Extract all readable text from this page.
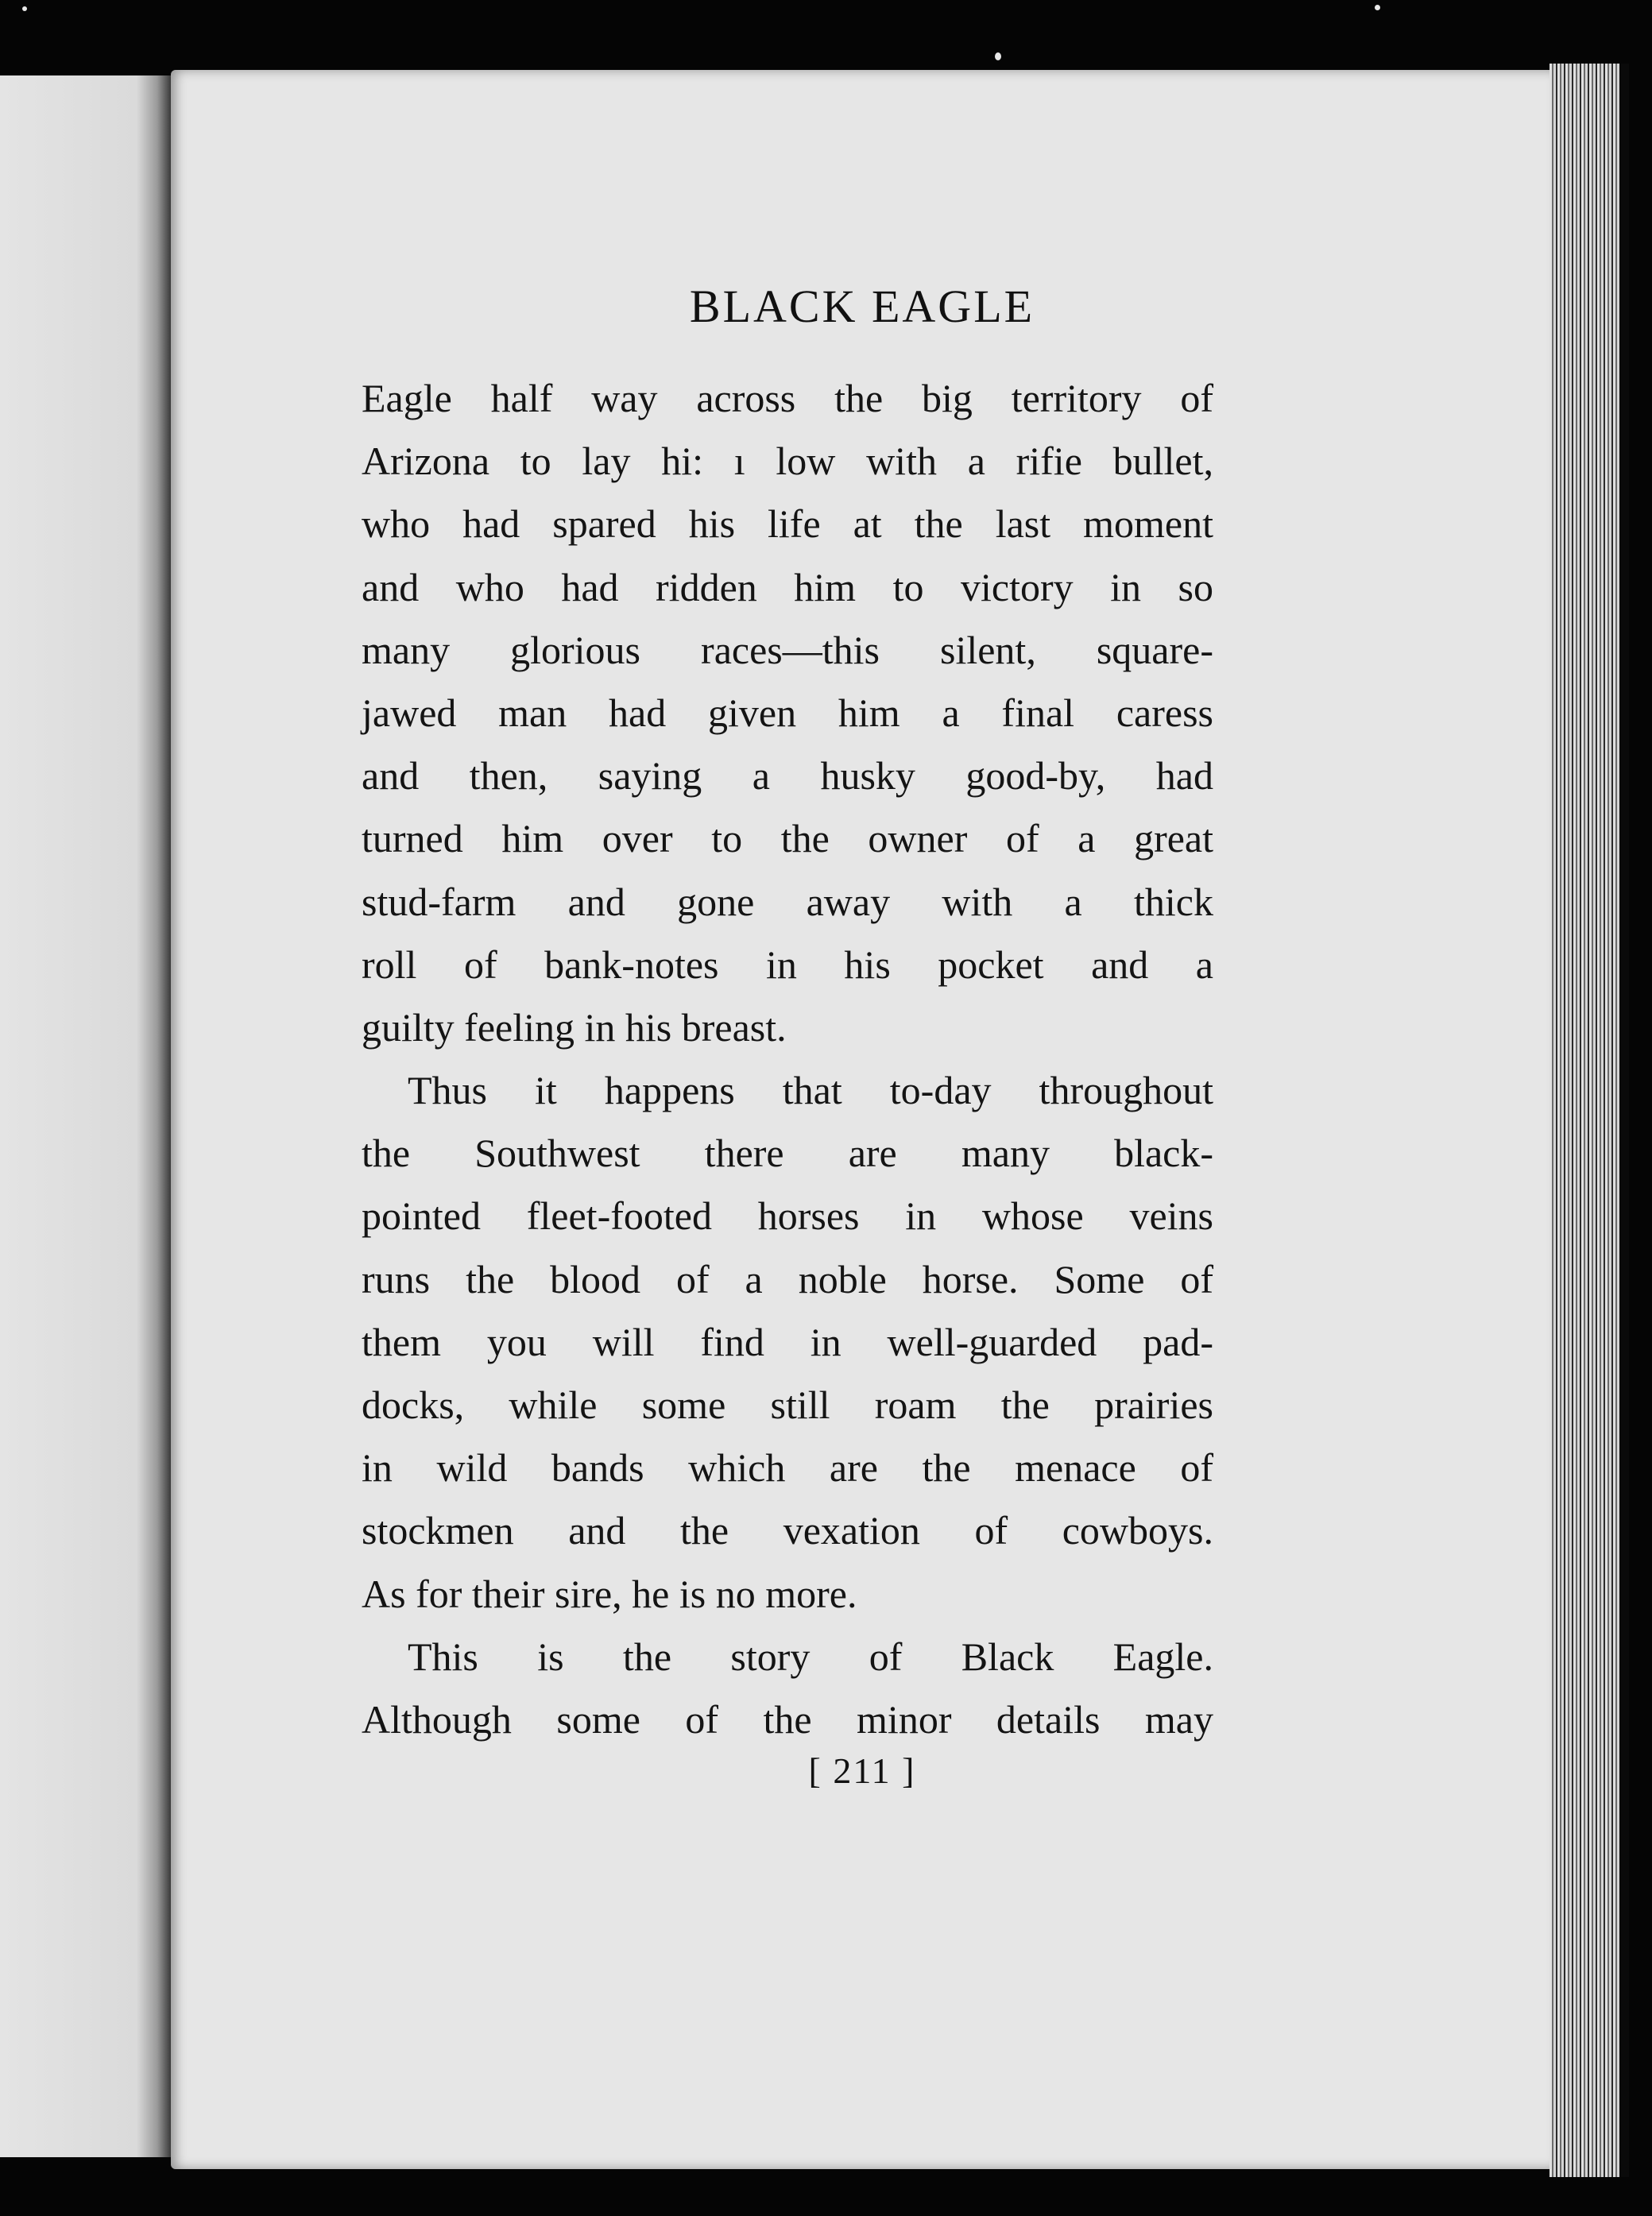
BLACK EAGLE
Eagle half way across the big territory of
Arizona to lay hi: ı low with a rifie bullet,
who had spared his life at the last moment
and who had ridden him to victory in so
many glorious races—this silent, square-
jawed man had given him a final caress
and then, saying a husky good-by, had
turned him over to the owner of a great
stud-farm and gone away with a thick
roll of bank-notes in his pocket and a
guilty feeling in his breast.
Thus it happens that to-day throughout
the Southwest there are many black-
pointed fleet-footed horses in whose veins
runs the blood of a noble horse. Some of
them you will find in well-guarded pad-
docks, while some still roam the prairies
in wild bands which are the menace of
stockmen and the vexation of cowboys.
As for their sire, he is no more.
This is the story of Black Eagle.
Although some of the minor details may
[ 211 ]
